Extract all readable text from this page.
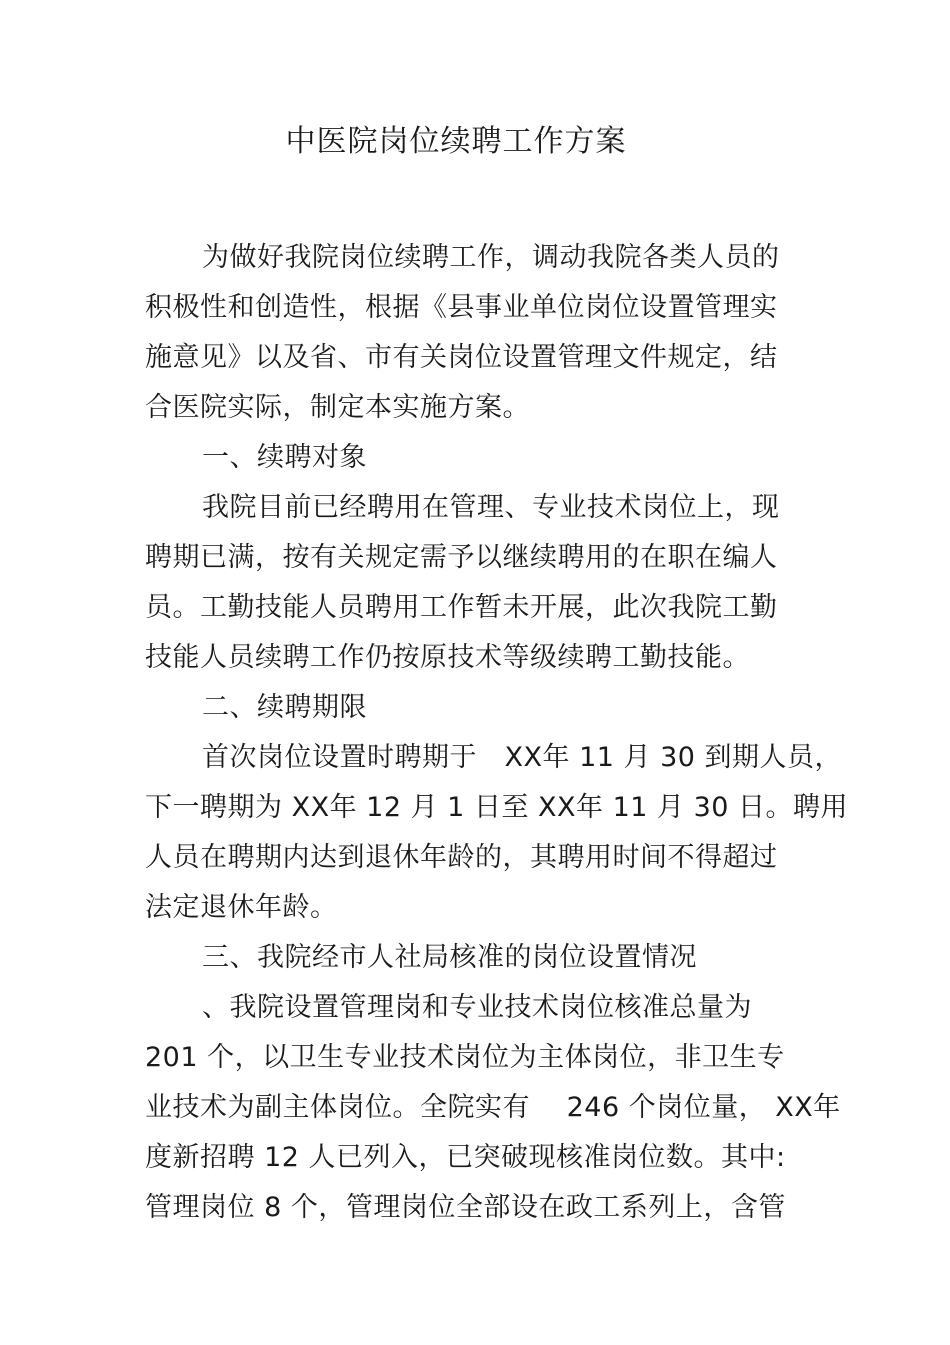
中医院岗位续聘工作方案
为做好我院岗位续聘工作，调动我院各类人员的
积极性和创造性，根据《县事业单位岗位设置管理实
施意见》以及省、市有关岗位设置管理文件规定，结
合医院实际，制定本实施方案。
一、续聘对象
我院目前已经聘用在管理、专业技术岗位上，现
聘期已满，按有关规定需予以继续聘用的在职在编人
员。工勤技能人员聘用工作暂未开展，此次我院工勤
技能人员续聘工作仍按原技术等级续聘工勤技能。
二、续聘期限
首次岗位设置时聘期于　XX年 11 月 30 到期人员，
下一聘期为 XX年 12 月 1 日至 XX年 11 月 30 日。聘用
人员在聘期内达到退休年龄的，其聘用时间不得超过
法定退休年龄。
三、我院经市人社局核准的岗位设置情况
、我院设置管理岗和专业技术岗位核准总量为
201 个，以卫生专业技术岗位为主体岗位，非卫生专
业技术为副主体岗位。全院实有　 246 个岗位量， XX年
度新招聘 12 人已列入，已突破现核准岗位数。其中:
管理岗位 8 个，管理岗位全部设在政工系列上，含管
